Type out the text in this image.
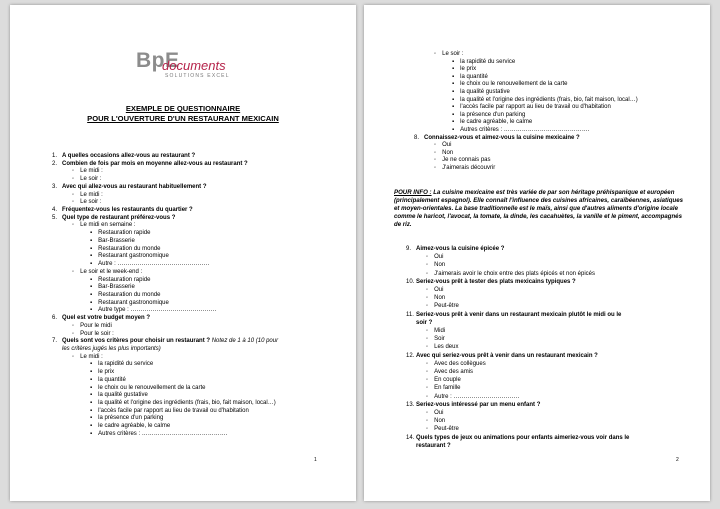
BpE
documents
SOLUTIONS EXCEL
EXEMPLE DE QUESTIONNAIRE
POUR L'OUVERTURE D'UN RESTAURANT MEXICAIN
1. A quelles occasions allez-vous au restaurant ?
2. Combien de fois par mois en moyenne allez-vous au restaurant ?
◦ Le midi :
◦ Le soir :
3. Avec qui allez-vous au restaurant habituellement ?
◦ Le midi :
◦ Le soir :
4. Fréquentez-vous les restaurants du quartier ?
5. Quel type de restaurant préférez-vous ?
◦ Le midi en semaine :
▪ Restauration rapide
▪ Bar-Brasserie
▪ Restauration du monde
▪ Restaurant gastronomique
▪ Autre : ……………………………………….
◦ Le soir et le week-end :
▪ Restauration rapide
▪ Bar-Brasserie
▪ Restauration du monde
▪ Restaurant gastronomique
▪ Autre type : …………………………………….
6. Quel est votre budget moyen ?
◦ Pour le midi
◦ Pour le soir :
7. Quels sont vos critères pour choisir un restaurant ? Notez de 1 à 10 (10 pour
les critères jugés les plus importants)
◦ Le midi :
▪ la rapidité du service
▪ le prix
▪ la quantité
▪ le choix ou le renouvellement de la carte
▪ la qualité gustative
▪ la qualité et l'origine des ingrédients (frais, bio, fait maison, local…)
▪ l'accès facile par rapport au lieu de travail ou d'habitation
▪ la présence d'un parking
▪ le cadre agréable, le calme
▪ Autres critères : …………………………………….
1
◦ Le soir :
▪ la rapidité du service
▪ le prix
▪ la quantité
▪ le choix ou le renouvellement de la carte
▪ la qualité gustative
▪ la qualité et l'origine des ingrédients (frais, bio, fait maison, local…)
▪ l'accès facile par rapport au lieu de travail ou d'habitation
▪ la présence d'un parking
▪ le cadre agréable, le calme
▪ Autres critères : …………………………………….
8. Connaissez-vous et aimez-vous la cuisine mexicaine ?
◦ Oui
◦ Non
◦ Je ne connais pas
◦ J'aimerais découvrir
POUR INFO : La cuisine mexicaine est très variée de par son héritage préhispanique et européen (principalement espagnol). Elle connaît l'influence des cuisines africaines, caraïbéennes, asiatiques et moyen-orientales. La base traditionnelle est le maïs, ainsi que d'autres aliments d'origine locale comme le haricot, l'avocat, la tomate, la dinde, les cacahuètes, la vanille et le piment, accompagnés de riz.
9. Aimez-vous la cuisine épicée ?
◦ Oui
◦ Non
◦ J'aimerais avoir le choix entre des plats épicés et non épicés
10. Seriez-vous prêt à tester des plats mexicains typiques ?
◦ Oui
◦ Non
◦ Peut-être
11. Seriez-vous prêt à venir dans un restaurant mexicain plutôt le midi ou le
soir ?
◦ Midi
◦ Soir
◦ Les deux
12. Avec qui seriez-vous prêt à venir dans un restaurant mexicain ?
◦ Avec des collègues
◦ Avec des amis
◦ En couple
◦ En famille
◦ Autre : ……………………………
13. Seriez-vous intéressé par un menu enfant ?
◦ Oui
◦ Non
◦ Peut-être
14. Quels types de jeux ou animations pour enfants aimeriez-vous voir dans le
restaurant ?
2
